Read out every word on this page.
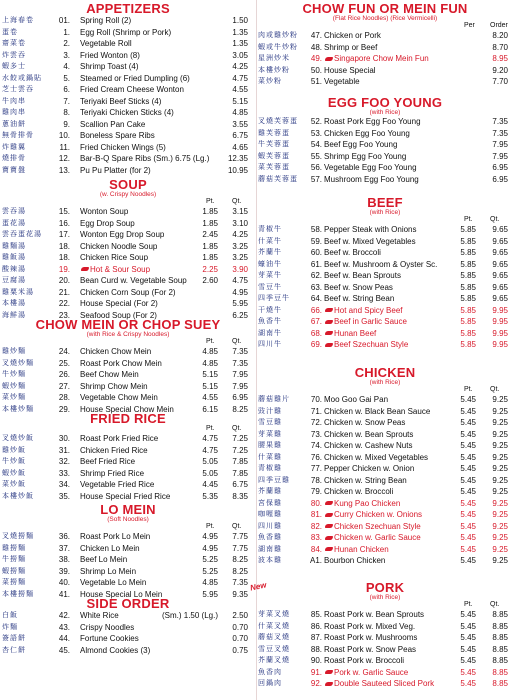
APPETIZERS
上海春卷	01. Spring Roll (2)	1.50
蛋卷	1. Egg Roll (Shrimp or Pork)	1.35
齋菜卷	2. Vegetable Roll	1.35
炸雲吞	3. Fried Wonton (8)	3.05
蝦多士	4. Shrimp Toast (4)	4.25
水餃或鍋貼	5. Steamed or Fried Dumpling (6)	4.75
芝士雲吞	6. Fried Cream Cheese Wonton	4.55
牛肉串	7. Teriyaki Beef Sticks (4)	5.15
雞肉串	8. Teriyaki Chicken Sticks (4)	4.85
蔥油餅	9. Scallion Pan Cake	3.55
無骨排骨	10. Boneless Spare Ribs	6.75
炸雞翼	11. Fried Chicken Wings (5)	4.65
燒排骨	12. Bar-B-Q Spare Ribs (Sm.) 6.75 (Lg.)	12.35
寶寶盤	13. Pu Pu Platter (for 2)	10.95
SOUP
(w. Crispy Noodles)
Pt. Qt.
雲吞湯	15. Wonton Soup	1.85	3.15
蛋花湯	16. Egg Drop Soup	1.85	3.10
雲吞蛋花湯	17. Wonton Egg Drop Soup	2.45	4.25
雞麵湯	18. Chicken Noodle Soup	1.85	3.25
雞飯湯	18. Chicken Rice Soup	1.85	3.25
酸辣湯	19.	Hot & Sour Soup	2.25	3.90
豆腐湯	20. Bean Curd w. Vegetable Soup	2.60	4.75
雞粟米湯	21. Chicken Corn Soup (For 2)	4.95
本樓湯	22. House Special (For 2)	5.95
海鮮湯	23. Seafood Soup (For 2)	6.25
CHOW MEIN OR CHOP SUEY
(with Rice & Crispy Noodles)
Pt. Qt.
雞炒麵	24. Chicken Chow Mein	4.85	7.35
叉燒炒麵	25. Roast Pork Chow Mein	4.85	7.35
牛炒麵	26. Beef Chow Mein	5.15	7.95
蝦炒麵	27. Shrimp Chow Mein	5.15	7.95
菜炒麵	28. Vegetable Chow Mein	4.55	6.95
本樓炒麵	29. House Special Chow Mein	6.15	8.25
FRIED RICE
Pt. Qt.
叉燒炒飯	30. Roast Pork Fried Rice	4.75	7.25
雞炒飯	31. Chicken Fried Rice	4.75	7.25
牛炒飯	32. Beef Fried Rice	5.05	7.85
蝦炒飯	33. Shrimp Fried Rice	5.05	7.85
菜炒飯	34. Vegetable Fried Rice	4.45	6.75
本樓炒飯	35. House Special Fried Rice	5.35	8.35
LO MEIN
(Soft Noodles)
Pt. Qt.
叉燒撈麵	36. Roast Pork Lo Mein	4.95	7.75
雞撈麵	37. Chicken Lo Mein	4.95	7.75
牛撈麵	38. Beef Lo Mein	5.25	8.25
蝦撈麵	39. Shrimp Lo Mein	5.25	8.25
菜撈麵	40. Vegetable Lo Mein	4.85	7.35
本樓撈麵	41. House Special Lo Mein	5.95	9.35
SIDE ORDER
白飯	42. White Rice	(Sm.) 1.50 (Lg.)	2.50
炸麵	43. Crispy Noodles	0.70
簽語餅	44. Fortune Cookies	0.70
杏仁餅	45. Almond Cookies (3)	0.75
CHOW FUN OR MEIN FUN
(Flat Rice Noodles) (Rice Vermicelli)
Per Order
肉或雞炒粉	47. Chicken or Pork	8.20
蝦或牛炒粉	48. Shrimp or Beef	8.70
星洲炒米	49.	Singapore Chow Mein Fun	8.95
本樓炒粉	50. House Special	9.20
菜炒粉	51. Vegetable	7.70
EGG FOO YOUNG
(with Rice)
叉燒芙蓉蛋	52. Roast Pork Egg Foo Young	7.35
雞芙蓉蛋	53. Chicken Egg Foo Young	7.35
牛芙蓉蛋	54. Beef Egg Foo Young	7.95
蝦芙蓉蛋	55. Shrimp Egg Foo Young	7.95
菜芙蓉蛋	56. Vegetable Egg Foo Young	6.95
蘑菇芙蓉蛋	57. Mushroom Egg Foo Young	6.95
BEEF
(with Rice)
Pt. Qt.
青椒牛	58. Pepper Steak with Onions	5.85	9.65
什菜牛	59. Beef w. Mixed Vegetables	5.85	9.65
芥蘭牛	60. Beef w. Broccoli	5.85	9.65
蠔油牛	61. Beef w. Mushroom & Oyster Sc.	5.85	9.65
芽菜牛	62. Beef w. Bean Sprouts	5.85	9.65
雪豆牛	63. Beef w. Snow Peas	5.85	9.65
四季豆牛	64. Beef w. String Bean	5.85	9.65
干燒牛	66.	Hot and Spicy Beef	5.85	9.95
魚香牛	67.	Beef in Garlic Sauce	5.85	9.95
湖南牛	68.	Hunan Beef	5.85	9.95
四川牛	69.	Beef Szechuan Style	5.85	9.95
CHICKEN
(with Rice)
Pt. Qt.
蘑菇雞片	70. Moo Goo Gai Pan	5.45	9.25
豉汁雞	71. Chicken w. Black Bean Sauce	5.45	9.25
雪豆雞	72. Chicken w. Snow Peas	5.45	9.25
芽菜雞	73. Chicken w. Bean Sprouts	5.45	9.25
腰果雞	74. Chicken w. Cashew Nuts	5.45	9.25
什菜雞	76. Chicken w. Mixed Vegetables	5.45	9.25
青椒雞	77. Pepper Chicken w. Onion	5.45	9.25
四季豆雞	78. Chicken w. String Bean	5.45	9.25
芥蘭雞	79. Chicken w. Broccoli	5.45	9.25
宮保雞	80.	Kung Pao Chicken	5.45	9.25
咖喱雞	81.	Curry Chicken w. Onions	5.45	9.25
四川雞	82.	Chicken Szechuan Style	5.45	9.25
魚香雞	83.	Chicken w. Garlic Sauce	5.45	9.25
湖南雞	84.	Hunan Chicken	5.45	9.25
波本雞	A1. Bourbon Chicken	5.45	9.25
PORK
(with Rice)
Pt. Qt.
芽菜叉燒	85. Roast Pork w. Bean Sprouts	5.45	8.85
什菜叉燒	86. Roast Pork w. Mixed Veg.	5.45	8.85
蘑菇叉燒	87. Roast Pork w. Mushrooms	5.45	8.85
雪豆叉燒	88. Roast Pork w. Snow Peas	5.45	8.85
芥蘭叉燒	90. Roast Pork w. Broccoli	5.45	8.85
魚香肉	91.	Pork w. Garlic Sauce	5.45	8.85
回鍋肉	92.	Double Sauteed Sliced Pork	5.45	8.85
New
